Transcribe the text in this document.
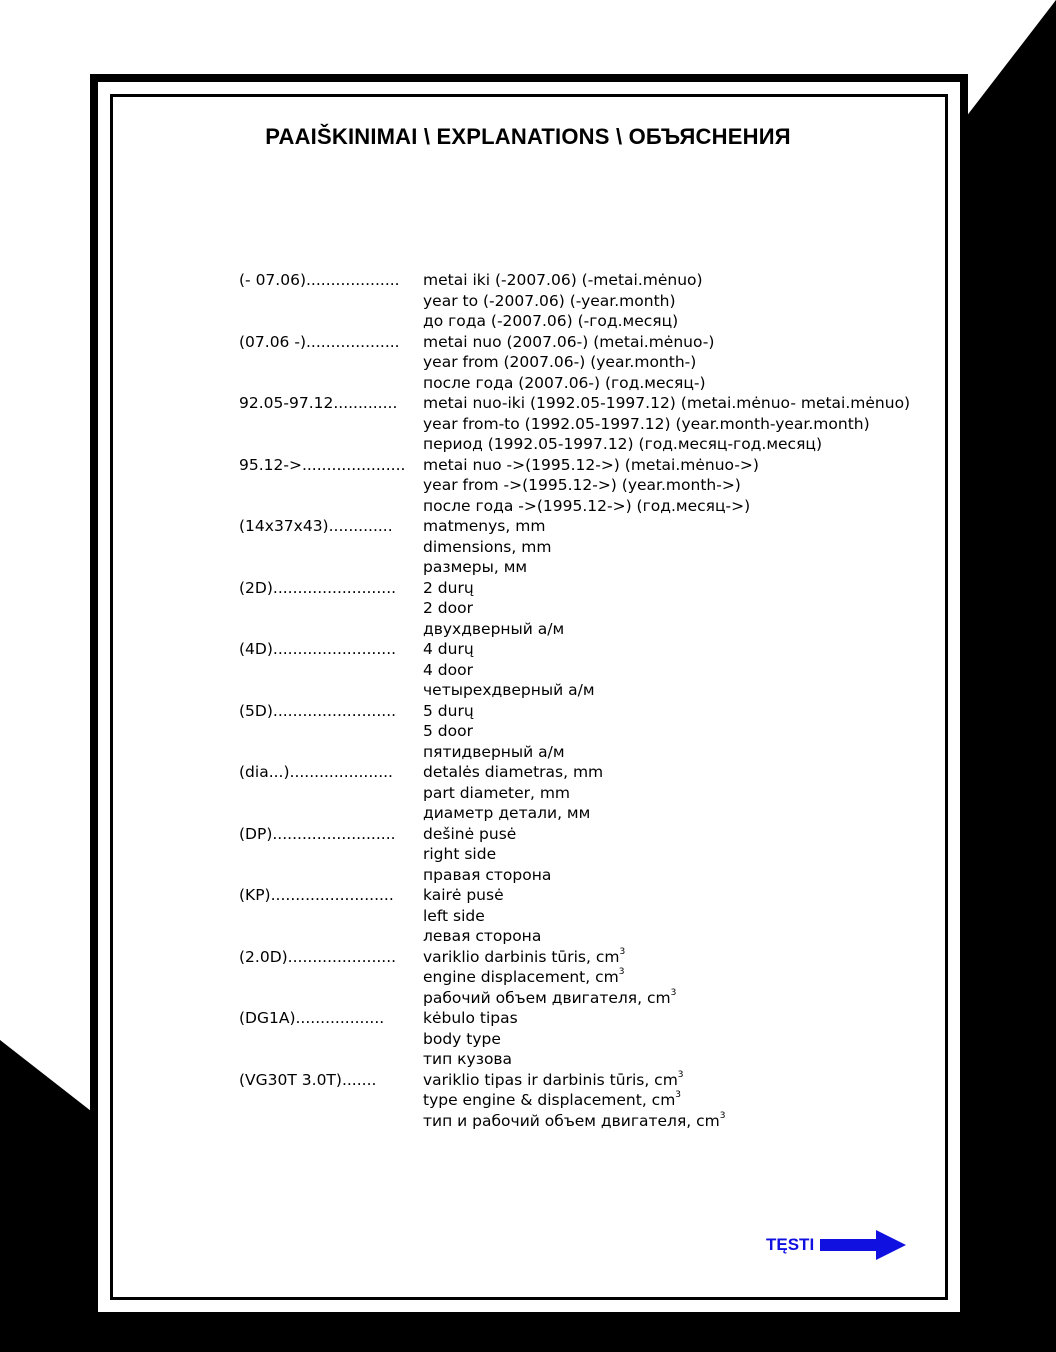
PAAIŠKINIMAI \ EXPLANATIONS \ ОБЪЯСНЕНИЯ
(- 07.06)...................	metai iki (-2007.06) (-metai.mėnuo)
year to (-2007.06) (-year.month)
до года (-2007.06) (-год.месяц)
(07.06 -)...................	metai nuo (2007.06-) (metai.mėnuo-)
year from (2007.06-) (year.month-)
после года (2007.06-) (год.месяц-)
92.05-97.12.............	metai nuo-iki (1992.05-1997.12) (metai.mėnuo- metai.mėnuo)
year from-to (1992.05-1997.12) (year.month-year.month)
период (1992.05-1997.12) (год.месяц-год.месяц)
95.12->.....................	metai nuo ->(1995.12->) (metai.mėnuo->)
year from ->(1995.12->) (year.month->)
после года ->(1995.12->) (год.месяц->)
(14x37x43).............	matmenys, mm
dimensions, mm
размеры, мм
(2D).........................	2 durų
2 door
двухдверный а/м
(4D).........................	4 durų
4 door
четырехдверный а/м
(5D).........................	5 durų
5 door
пятидверный а/м
(dia...).....................	detalės diametras, mm
part diameter, mm
диаметр детали, мм
(DP).........................	dešinė pusė
right side
правая сторона
(KP).........................	kairė pusė
left side
левая сторона
(2.0D)......................	variklio darbinis tūris, $cm^3$
engine displacement, $cm^3$
рабочий объем двигателя, $cm^3$
(DG1A)..................	kėbulo tipas
body type
тип кузова
(VG30T 3.0T).......	variklio tipas ir darbinis tūris, $cm^3$
type engine & displacement, $cm^3$
тип и рабочий объем двигателя, $cm^3$
TĘSTI
